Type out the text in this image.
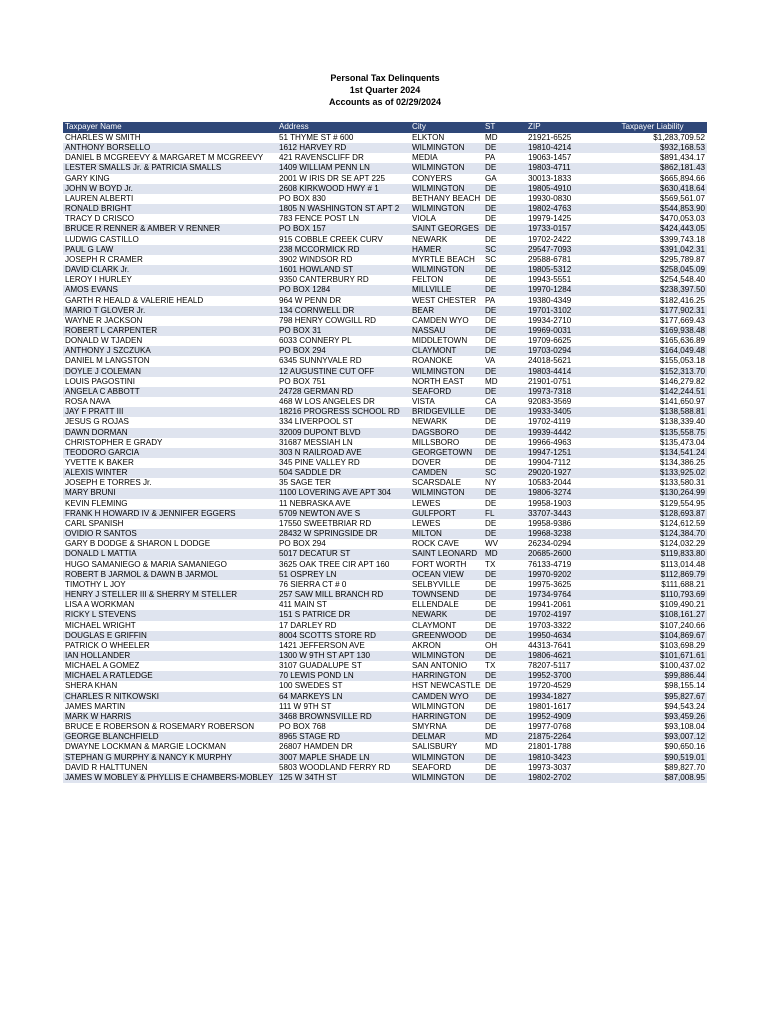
Personal Tax Delinquents
1st Quarter 2024
Accounts as of 02/29/2024
Taxpayer Name	Address	City	ST	ZIP	Taxpayer Liability
CHARLES W SMITH	51 THYME ST # 600	ELKTON	MD	21921-6525	$1,283,709.52
ANTHONY BORSELLO	1612 HARVEY RD	WILMINGTON	DE	19810-4214	$932,168.53
DANIEL B MCGREEVY & MARGARET M MCGREEVY	421 RAVENSCLIFF DR	MEDIA	PA	19063-1457	$891,434.17
LESTER SMALLS Jr. & PATRICIA SMALLS	1409 WILLIAM PENN LN	WILMINGTON	DE	19803-4711	$862,181.43
GARY KING	2001 W IRIS DR SE APT 225	CONYERS	GA	30013-1833	$665,894.66
JOHN W BOYD Jr.	2608 KIRKWOOD HWY # 1	WILMINGTON	DE	19805-4910	$630,418.64
LAUREN ALBERTI	PO BOX 830	BETHANY BEACH	DE	19930-0830	$569,561.07
RONALD BRIGHT	1805 N WASHINGTON ST APT 2	WILMINGTON	DE	19802-4763	$544,853.90
TRACY D CRISCO	783 FENCE POST LN	VIOLA	DE	19979-1425	$470,053.03
BRUCE R RENNER & AMBER V RENNER	PO BOX 157	SAINT GEORGES	DE	19733-0157	$424,443.05
LUDWIG CASTILLO	915 COBBLE CREEK CURV	NEWARK	DE	19702-2422	$399,743.18
PAUL G LAW	238 MCCORMICK RD	HAMER	SC	29547-7093	$391,042.31
JOSEPH R CRAMER	3902 WINDSOR RD	MYRTLE BEACH	SC	29588-6781	$295,789.87
DAVID CLARK Jr.	1601 HOWLAND ST	WILMINGTON	DE	19805-5312	$258,045.09
LEROY I HURLEY	9350 CANTERBURY RD	FELTON	DE	19943-5551	$254,548.40
AMOS EVANS	PO BOX 1284	MILLVILLE	DE	19970-1284	$238,397.50
GARTH R HEALD & VALERIE HEALD	964 W PENN DR	WEST CHESTER	PA	19380-4349	$182,416.25
MARIO T GLOVER Jr.	134 CORNWELL DR	BEAR	DE	19701-3102	$177,902.31
WAYNE R JACKSON	798 HENRY COWGILL RD	CAMDEN WYO	DE	19934-2710	$177,669.43
ROBERT L CARPENTER	PO BOX 31	NASSAU	DE	19969-0031	$169,938.48
DONALD W TJADEN	6033 CONNERY PL	MIDDLETOWN	DE	19709-6625	$165,636.89
ANTHONY J SZCZUKA	PO BOX 294	CLAYMONT	DE	19703-0294	$164,049.48
DANIEL M LANGSTON	6345 SUNNYVALE RD	ROANOKE	VA	24018-5621	$155,053.18
DOYLE J COLEMAN	12 AUGUSTINE CUT OFF	WILMINGTON	DE	19803-4414	$152,313.70
LOUIS PAGOSTINI	PO BOX 751	NORTH EAST	MD	21901-0751	$146,279.82
ANGELA C ABBOTT	24728 GERMAN RD	SEAFORD	DE	19973-7318	$142,244.51
ROSA NAVA	468 W LOS ANGELES DR	VISTA	CA	92083-3569	$141,650.97
JAY F PRATT III	18216 PROGRESS SCHOOL RD	BRIDGEVILLE	DE	19933-3405	$138,588.81
JESUS G ROJAS	334 LIVERPOOL ST	NEWARK	DE	19702-4119	$138,339.40
DAWN DORMAN	32009 DUPONT BLVD	DAGSBORO	DE	19939-4442	$135,558.75
CHRISTOPHER E GRADY	31687 MESSIAH LN	MILLSBORO	DE	19966-4963	$135,473.04
TEODORO GARCIA	303 N RAILROAD AVE	GEORGETOWN	DE	19947-1251	$134,541.24
YVETTE K BAKER	345 PINE VALLEY RD	DOVER	DE	19904-7112	$134,386.25
ALEXIS WINTER	504 SADDLE DR	CAMDEN	SC	29020-1927	$133,925.02
JOSEPH E TORRES Jr.	35 SAGE TER	SCARSDALE	NY	10583-2044	$133,580.31
MARY BRUNI	1100 LOVERING AVE APT 304	WILMINGTON	DE	19806-3274	$130,264.99
KEVIN FLEMING	11 NEBRASKA AVE	LEWES	DE	19958-1903	$129,554.95
FRANK H HOWARD IV & JENNIFER EGGERS	5709 NEWTON AVE S	GULFPORT	FL	33707-3443	$128,693.87
CARL SPANISH	17550 SWEETBRIAR RD	LEWES	DE	19958-9386	$124,612.59
OVIDIO R SANTOS	28432 W SPRINGSIDE DR	MILTON	DE	19968-3238	$124,384.70
GARY B DODGE & SHARON L DODGE	PO BOX 294	ROCK CAVE	WV	26234-0294	$124,032.29
DONALD L MATTIA	5017 DECATUR ST	SAINT LEONARD	MD	20685-2600	$119,833.80
HUGO SAMANIEGO & MARIA SAMANIEGO	3625 OAK TREE CIR APT 160	FORT WORTH	TX	76133-4719	$113,014.48
ROBERT B JARMOL & DAWN B JARMOL	51 OSPREY LN	OCEAN VIEW	DE	19970-9202	$112,869.79
TIMOTHY L JOY	76 SIERRA CT # 0	SELBYVILLE	DE	19975-3625	$111,688.21
HENRY J STELLER III & SHERRY M STELLER	257 SAW MILL BRANCH RD	TOWNSEND	DE	19734-9764	$110,793.69
LISA A WORKMAN	411 MAIN ST	ELLENDALE	DE	19941-2061	$109,490.21
RICKY L STEVENS	151 S PATRICE DR	NEWARK	DE	19702-4197	$108,161.27
MICHAEL WRIGHT	17 DARLEY RD	CLAYMONT	DE	19703-3322	$107,240.66
DOUGLAS E GRIFFIN	8004 SCOTTS STORE RD	GREENWOOD	DE	19950-4634	$104,869.67
PATRICK O WHEELER	1421 JEFFERSON AVE	AKRON	OH	44313-7641	$103,698.29
IAN HOLLANDER	1300 W 9TH ST APT 130	WILMINGTON	DE	19806-4621	$101,671.61
MICHAEL A GOMEZ	3107 GUADALUPE ST	SAN ANTONIO	TX	78207-5117	$100,437.02
MICHAEL A RATLEDGE	70 LEWIS POND LN	HARRINGTON	DE	19952-3700	$99,886.44
SHERA KHAN	100 SWEDES ST	HST NEWCASTLE	DE	19720-4529	$98,155.14
CHARLES R NITKOWSKI	64 MARKEYS LN	CAMDEN WYO	DE	19934-1827	$95,827.67
JAMES MARTIN	111 W 9TH ST	WILMINGTON	DE	19801-1617	$94,543.24
MARK W HARRIS	3468 BROWNSVILLE RD	HARRINGTON	DE	19952-4909	$93,459.26
BRUCE E ROBERSON & ROSEMARY ROBERSON	PO BOX 768	SMYRNA	DE	19977-0768	$93,108.04
GEORGE BLANCHFIELD	8965 STAGE RD	DELMAR	MD	21875-2264	$93,007.12
DWAYNE LOCKMAN & MARGIE LOCKMAN	26807 HAMDEN DR	SALISBURY	MD	21801-1788	$90,650.16
STEPHAN G MURPHY & NANCY K MURPHY	3007 MAPLE SHADE LN	WILMINGTON	DE	19810-3423	$90,519.01
DAVID R HALTTUNEN	5803 WOODLAND FERRY RD	SEAFORD	DE	19973-3037	$89,827.70
JAMES W MOBLEY & PHYLLIS E CHAMBERS-MOBLEY	125 W 34TH ST	WILMINGTON	DE	19802-2702	$87,008.95
